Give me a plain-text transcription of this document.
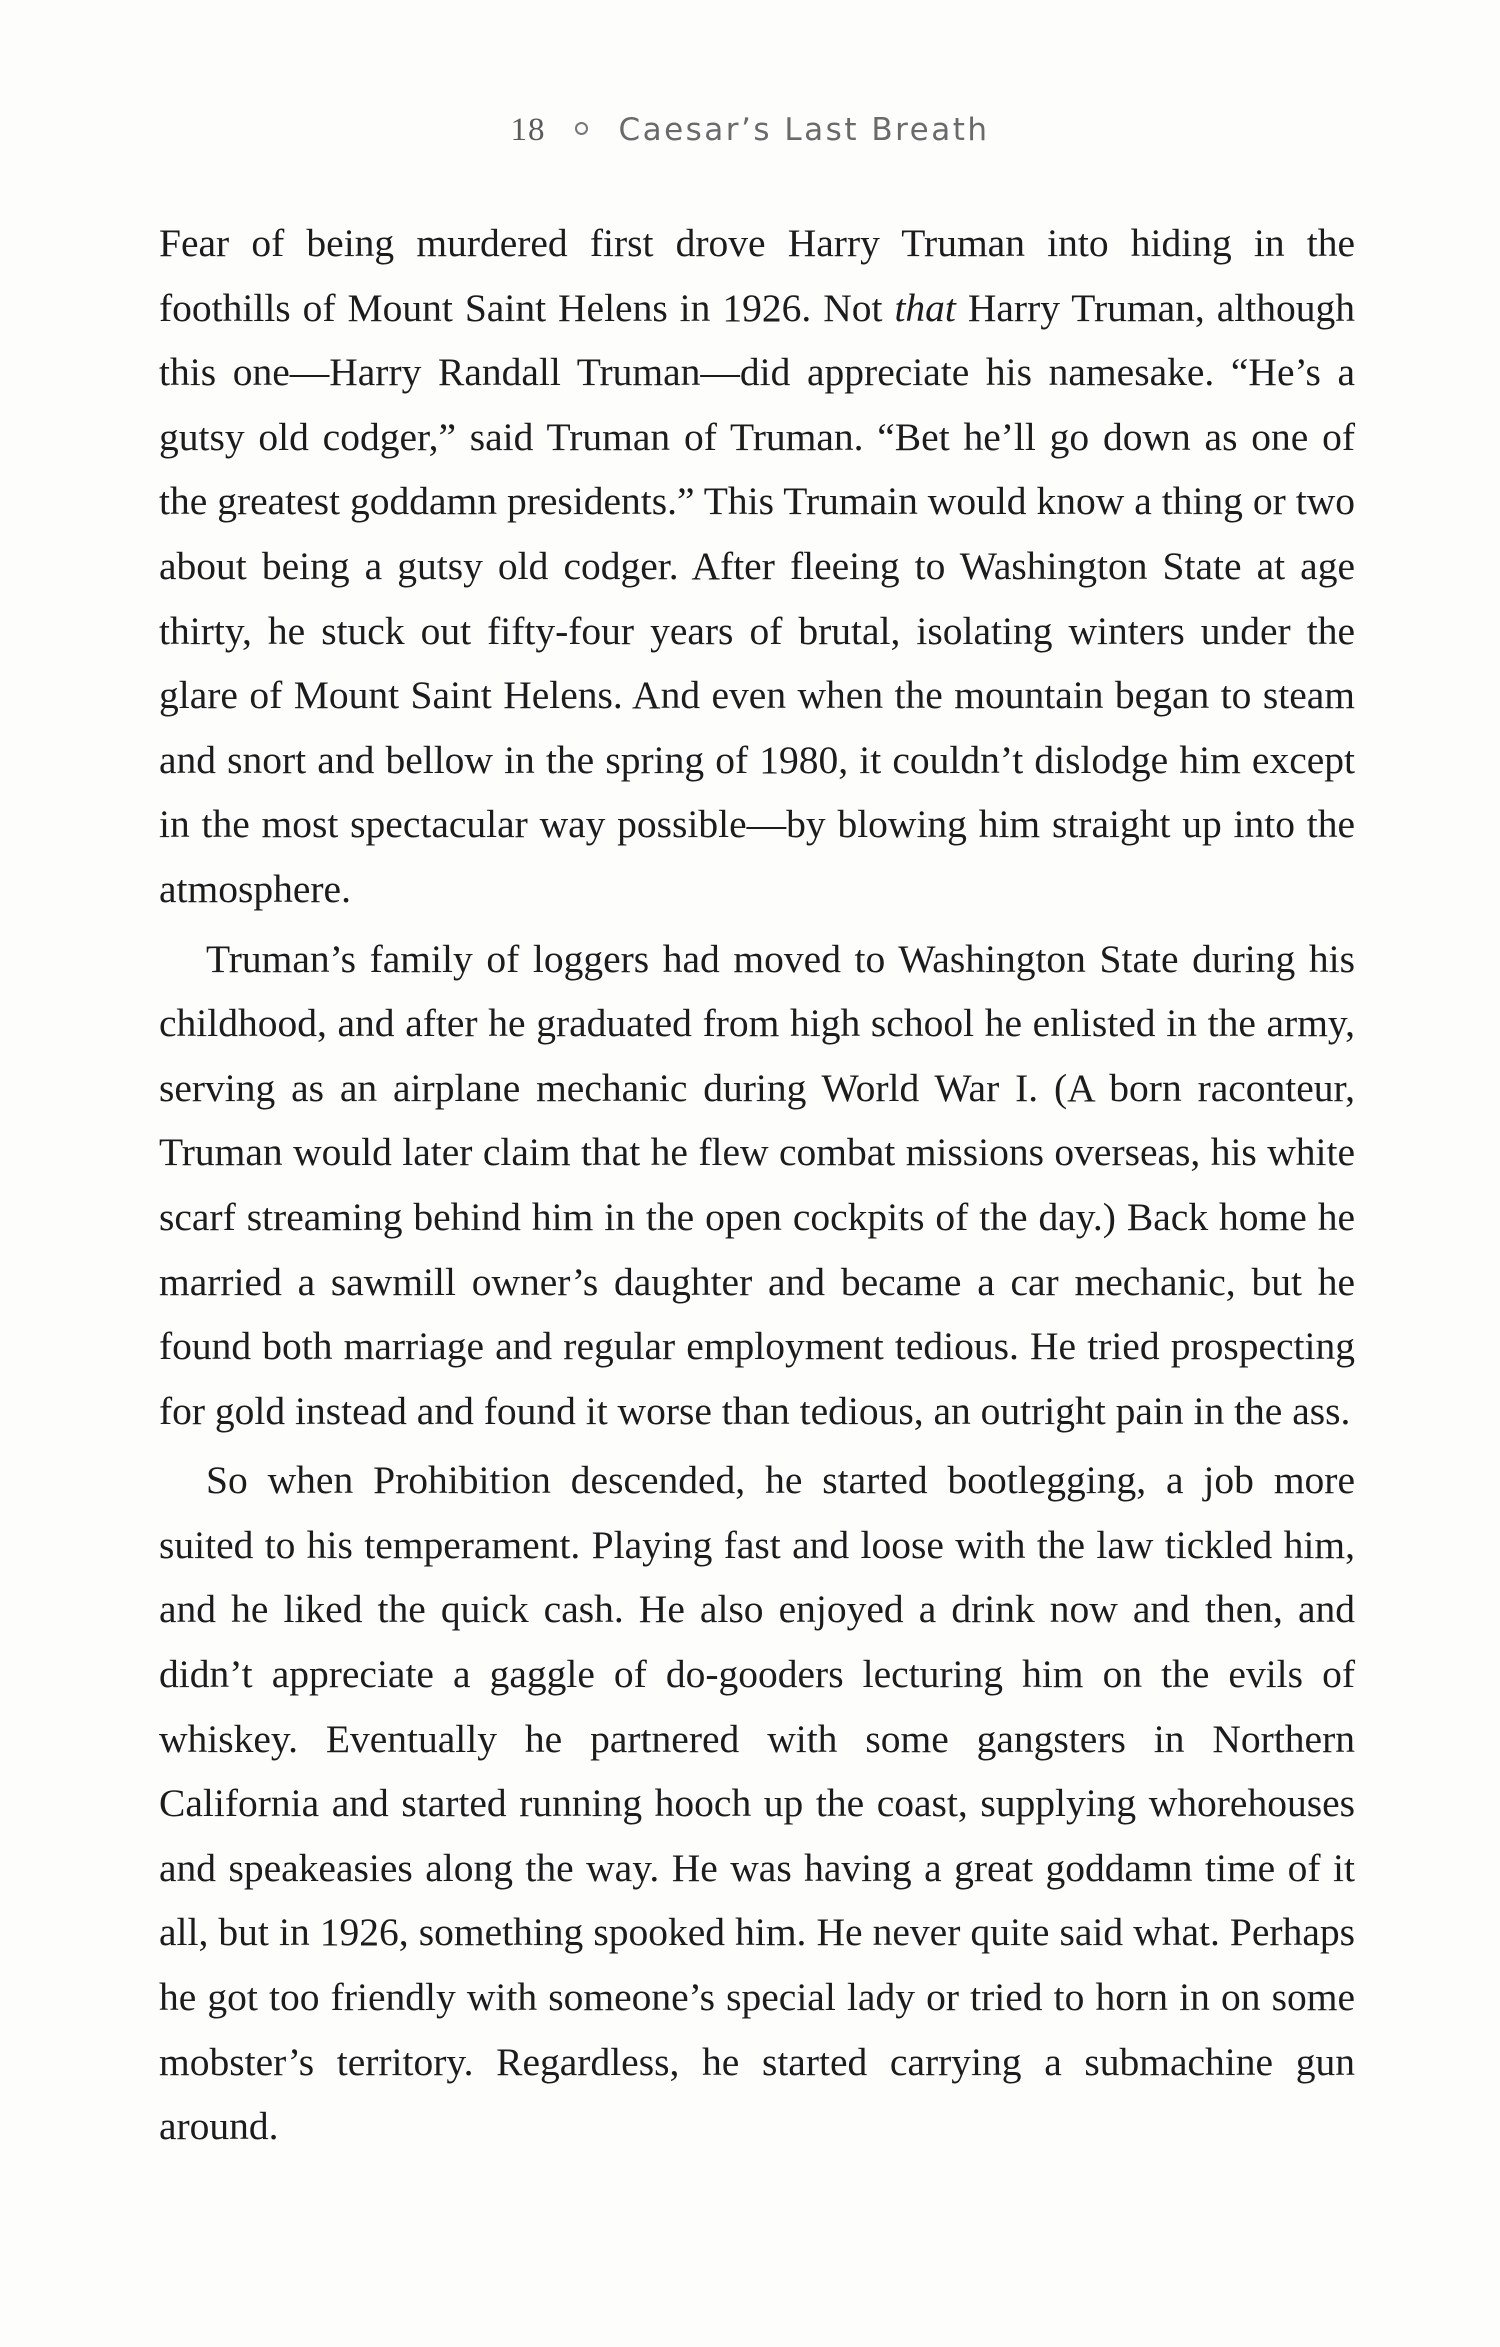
18 Caesar’s Last Breath

Fear of being murdered first drove Harry Truman into hiding in the foothills of Mount Saint Helens in 1926. Not that Harry Truman, although this one—Harry Randall Truman—did appreciate his namesake. “He’s a gutsy old codger,” said Truman of Truman. “Bet he’ll go down as one of the greatest goddamn presidents.” This Trumain would know a thing or two about being a gutsy old codger. After fleeing to Washington State at age thirty, he stuck out fifty-four years of brutal, isolating winters under the glare of Mount Saint Helens. And even when the mountain began to steam and snort and bellow in the spring of 1980, it couldn’t dislodge him except in the most spectacular way possible—by blowing him straight up into the atmosphere.

Truman’s family of loggers had moved to Washington State during his childhood, and after he graduated from high school he enlisted in the army, serving as an airplane mechanic during World War I. (A born raconteur, Truman would later claim that he flew combat missions overseas, his white scarf streaming behind him in the open cockpits of the day.) Back home he married a sawmill owner’s daughter and became a car mechanic, but he found both marriage and regular employment tedious. He tried prospecting for gold instead and found it worse than tedious, an outright pain in the ass.

So when Prohibition descended, he started bootlegging, a job more suited to his temperament. Playing fast and loose with the law tickled him, and he liked the quick cash. He also enjoyed a drink now and then, and didn’t appreciate a gaggle of do-gooders lecturing him on the evils of whiskey. Eventually he partnered with some gangsters in Northern California and started running hooch up the coast, supplying whorehouses and speakeasies along the way. He was having a great goddamn time of it all, but in 1926, something spooked him. He never quite said what. Perhaps he got too friendly with someone’s special lady or tried to horn in on some mobster’s territory. Regardless, he started carrying a submachine gun around.
